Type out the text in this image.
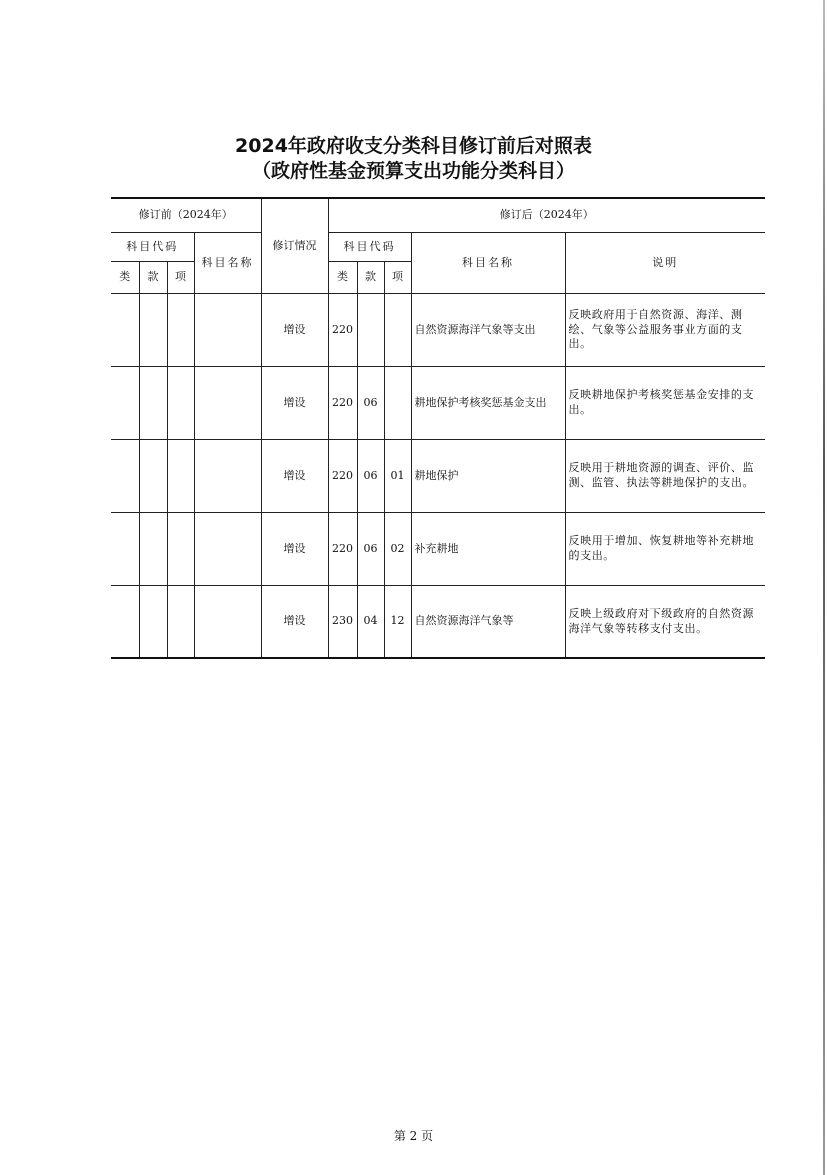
2024年政府收支分类科目修订前后对照表
（政府性基金预算支出功能分类科目）
修订前（2024年）				修订情况	修订后（2024年）				
科目代码			科目名称		科目代码			科目名称	说明
类	款	项			类	款	项		
				增设	220			自然资源海洋气象等支出	反映政府用于自然资源、海洋、测绘、气象等公益服务事业方面的支出。
				增设	220	06		耕地保护考核奖惩基金支出	反映耕地保护考核奖惩基金安排的支出。
				增设	220	06	01	耕地保护	反映用于耕地资源的调查、评价、监测、监管、执法等耕地保护的支出。
				增设	220	06	02	补充耕地	反映用于增加、恢复耕地等补充耕地的支出。
				增设	230	04	12	自然资源海洋气象等	反映上级政府对下级政府的自然资源海洋气象等转移支付支出。
第 2 页
